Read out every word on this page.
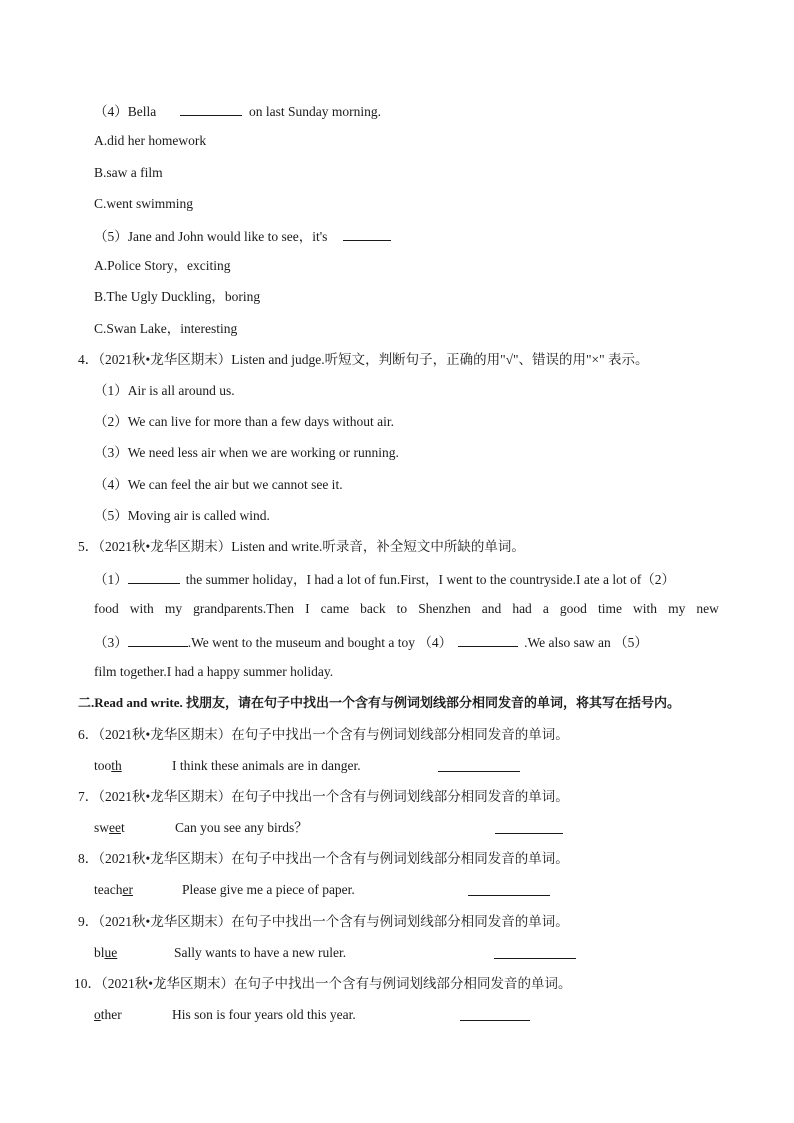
（4）Bella	on last Sunday morning.
A.did her homework
B.saw a film
C.went swimming
（5）Jane and John would like to see，it's
A.Police Story，exciting
B.The Ugly Duckling，boring
C.Swan Lake，interesting
4．（2021秋•龙华区期末）Listen and judge.听短文，判断句子，正确的用"√"、错误的用"×" 表示。
（1）Air is all around us.
（2）We can live for more than a few days without air.
（3）We need less air when we are working or running.
（4）We can feel the air but we cannot see it.
（5）Moving air is called wind.
5．（2021秋•龙华区期末）Listen and write.听录音，补全短文中所缺的单词。
（1）	the summer holiday，I had a lot of fun.First，I went to the countryside.I ate a lot of（2）
food with my grandparents.Then I came back to Shenzhen and had a good time with my new
（3）	.We went to the museum and bought a toy （4）	.We also saw an （5）
film together.I had a happy summer holiday.
二.Read and write. 找朋友，请在句子中找出一个含有与例词划线部分相同发音的单词，将其写在括号内。
6．（2021秋•龙华区期末）在句子中找出一个含有与例词划线部分相同发音的单词。
tooth	I think these animals are in danger.
7．（2021秋•龙华区期末）在句子中找出一个含有与例词划线部分相同发音的单词。
sweet	Can you see any birds？
8．（2021秋•龙华区期末）在句子中找出一个含有与例词划线部分相同发音的单词。
teacher	Please give me a piece of paper.
9．（2021秋•龙华区期末）在句子中找出一个含有与例词划线部分相同发音的单词。
blue	Sally wants to have a new ruler.
10．（2021秋•龙华区期末）在句子中找出一个含有与例词划线部分相同发音的单词。
other	His son is four years old this year.
